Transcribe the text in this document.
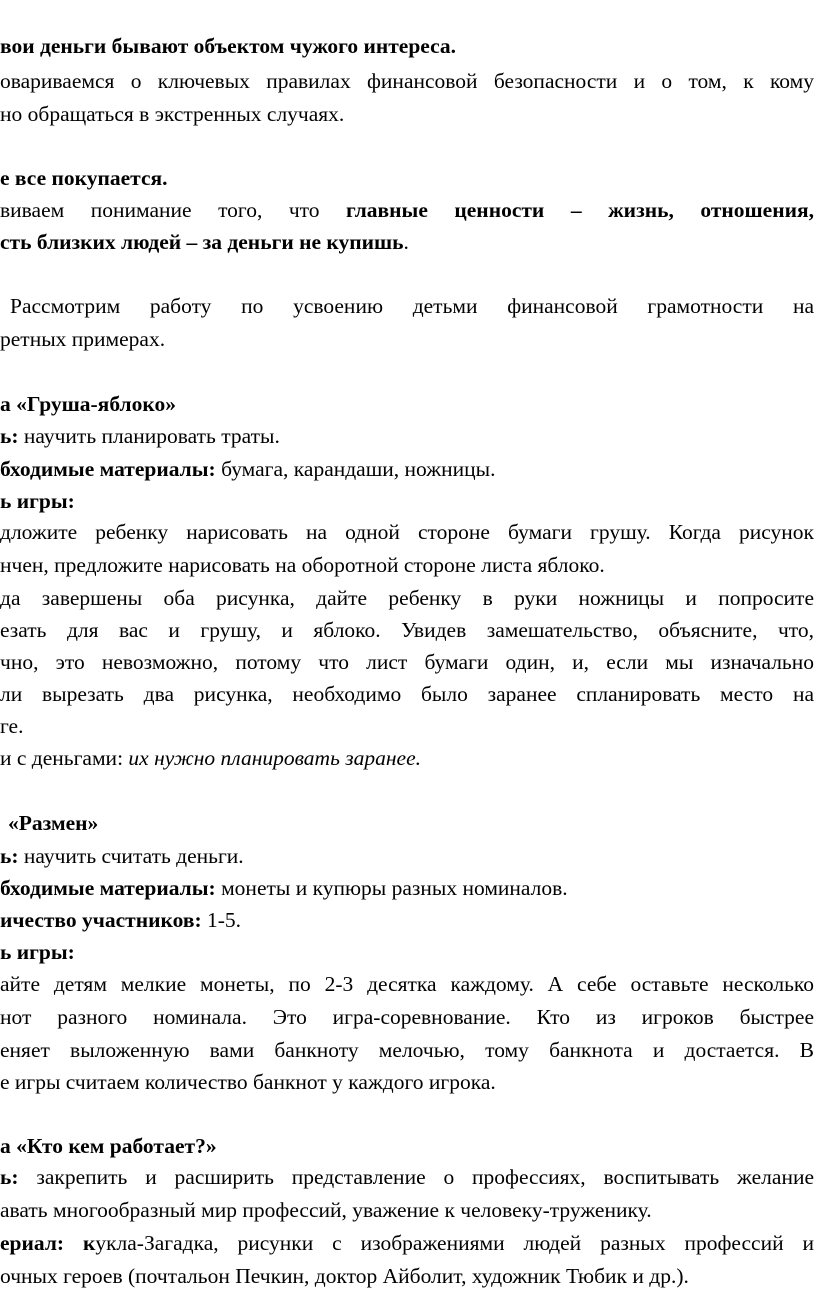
вои деньги бывают объектом чужого интереса.
овариваемся о ключевых правилах финансовой безопасности и о том, к кому
но обращаться в экстренных случаях.
е все покупается.
виваем понимание того, что главные ценности – жизнь, отношения,
сть близких людей – за деньги не купишь.
Рассмотрим работу по усвоению детьми финансовой грамотности на
ретных примерах.
а «Груша-яблоко»
ь: научить планировать траты.
бходимые материалы: бумага, карандаши, ножницы.
ь игры:
дложите ребенку нарисовать на одной стороне бумаги грушу. Когда рисунок
нчен, предложите нарисовать на оборотной стороне листа яблоко.
да завершены оба рисунка, дайте ребенку в руки ножницы и попросите
езать для вас и грушу, и яблоко. Увидев замешательство, объясните, что,
чно, это невозможно, потому что лист бумаги один, и, если мы изначально
ли вырезать два рисунка, необходимо было заранее спланировать место на
ге.
и с деньгами: их нужно планировать заранее.
«Размен»
ь: научить считать деньги.
бходимые материалы: монеты и купюры разных номиналов.
ичество участников: 1-5.
ь игры:
айте детям мелкие монеты, по 2-3 десятка каждому. А себе оставьте несколько
нот разного номинала. Это игра-соревнование. Кто из игроков быстрее
еняет выложенную вами банкноту мелочью, тому банкнота и достается. В
е игры считаем количество банкнот у каждого игрока.
а «Кто кем работает?»
ь: закрепить и расширить представление о профессиях, воспитывать желание
авать многообразный мир профессий, уважение к человеку-труженику.
ериал: кукла-Загадка, рисунки с изображениями людей разных профессий и
очных героев (почтальон Печкин, доктор Айболит, художник Тюбик и др.).
